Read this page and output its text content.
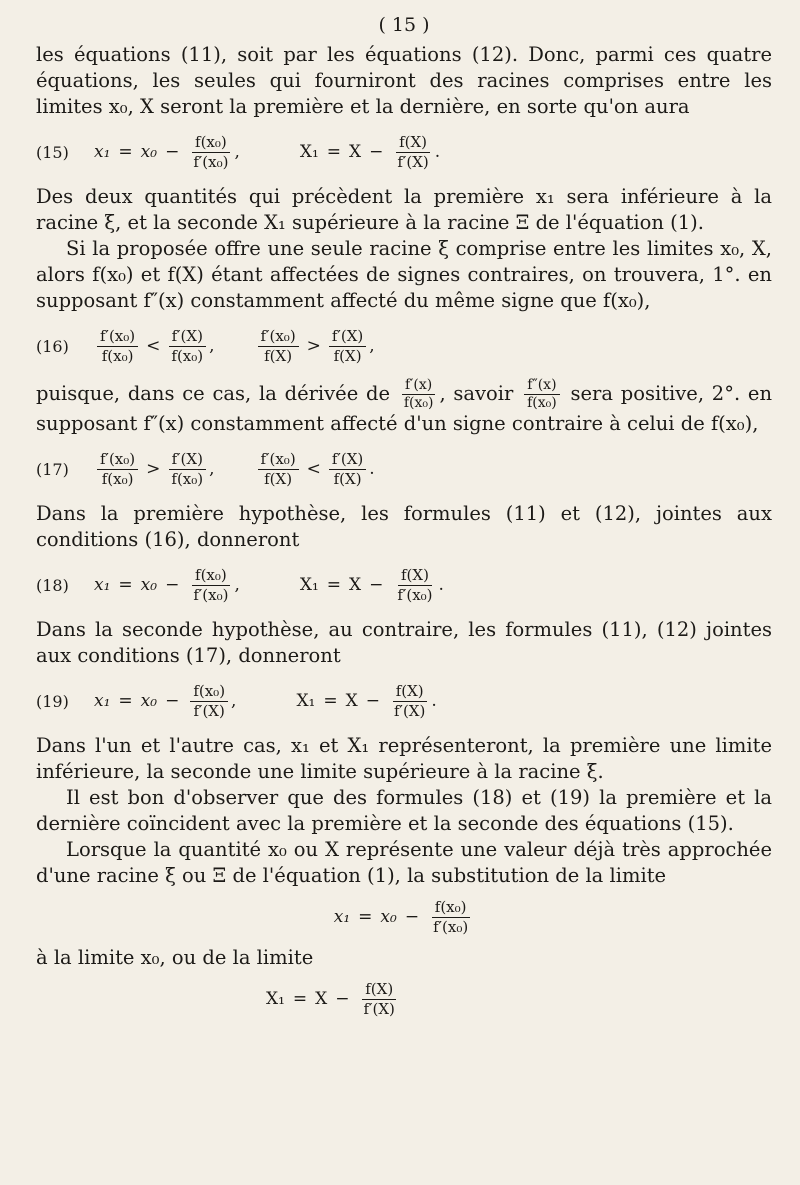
( 15 )

les équations (11), soit par les équations (12). Donc, parmi ces quatre équations, les seules qui fourniront des racines comprises entre les limites x₀, X seront la première et la dernière, en sorte qu'on aura

(15)	$x_1 = x_0 - \frac{\text{f(x₀)}}{\text{f′(x₀)}}$ ,	$X_1 = X - \frac{f(X)}{f'(X)}$ .

Des deux quantités qui précèdent la première x₁ sera inférieure à la racine ξ, et la seconde X₁ supérieure à la racine Ξ de l'équation (1).

Si la proposée offre une seule racine ξ comprise entre les limites x₀, X, alors f(x₀) et f(X) étant affectées de signes contraires, on trouvera, 1°. en supposant f″(x) constamment affecté du même signe que f(x₀),

(16)	$\frac{\text{f′(x₀)}}{\text{f(x₀)}} < \frac{f'(X)}{\text{f(x₀)}}$ ,	$\frac{\text{f′(x₀)}}{f(X)} > \frac{f'(X)}{f(X)}$ ,

puisque, dans ce cas, la dérivée de $\frac{f'(x)}{\text{f(x₀)}}$ , savoir $\frac{f''(x)}{\text{f(x₀)}}$ sera positive, 2°. en supposant f″(x) constamment affecté d'un signe contraire à celui de f(x₀),

(17)	$\frac{\text{f′(x₀)}}{\text{f(x₀)}} > \frac{f'(X)}{\text{f(x₀)}}$ ,	$\frac{\text{f′(x₀)}}{f(X)} < \frac{f'(X)}{f(X)}$ .

Dans la première hypothèse, les formules (11) et (12), jointes aux conditions (16), donneront

(18)	$x_1 = x_0 - \frac{\text{f(x₀)}}{\text{f′(x₀)}}$ ,	$X_1 = X - \frac{f(X)}{\text{f′(x₀)}}$ .

Dans la seconde hypothèse, au contraire, les formules (11), (12) jointes aux conditions (17), donneront

(19)	$x_1 = x_0 - \frac{\text{f(x₀)}}{f'(X)}$ ,	$X_1 = X - \frac{f(X)}{f'(X)}$ .

Dans l'un et l'autre cas, x₁ et X₁ représenteront, la première une limite inférieure, la seconde une limite supérieure à la racine ξ.

Il est bon d'observer que des formules (18) et (19) la première et la dernière coïncident avec la première et la seconde des équations (15).

Lorsque la quantité x₀ ou X représente une valeur déjà très approchée d'une racine ξ ou Ξ de l'équation (1), la substitution de la limite

$x_1 = x_0 - \frac{\text{f(x₀)}}{\text{f′(x₀)}}$

à la limite x₀, ou de la limite

$X_1 = X - \frac{f(X)}{f'(X)}$
